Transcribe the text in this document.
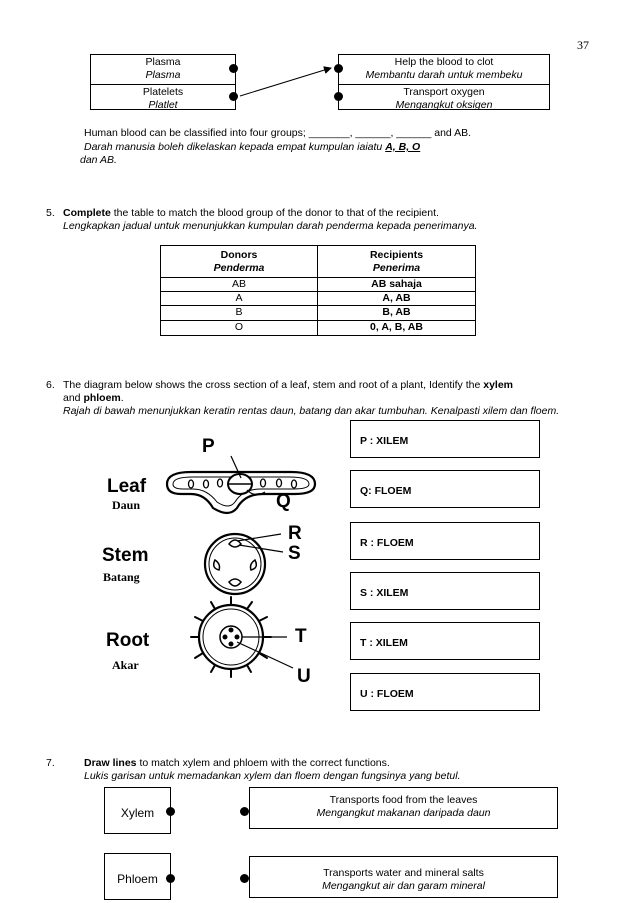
37
Plasma
Plasma
Platelets
Platlet
Help the blood to clot
Membantu darah untuk membeku
Transport oxygen
Mengangkut oksigen
Human blood can be classified into four groups; _______, ______, ______ and AB.
Darah manusia boleh dikelaskan kepada empat kumpulan iaiatu A, B, O
dan AB.
5. Complete the table to match the blood group of the donor to that of the recipient.
Lengkapkan jadual untuk menunjukkan kumpulan darah penderma kepada penerimanya.
Donors
Penderma
Recipients
Penerima
AB	AB sahaja
A	A, AB
B	B, AB
O	0, A, B, AB
6. The diagram below shows the cross section of a leaf, stem and root of a plant, Identify the xylem
and phloem.
Rajah di bawah menunjukkan keratin rentas daun, batang dan akar tumbuhan. Kenalpasti xilem dan floem.
P
Q
R
S
T
U
Leaf
Daun
Stem
Batang
Root
Akar
P : XILEM
Q: FLOEM
R : FLOEM
S : XILEM
T : XILEM
U : FLOEM
7.	Draw lines to match xylem and phloem with the correct functions.
Lukis garisan untuk memadankan xylem dan floem dengan fungsinya yang betul.
Xylem
Phloem
Transports food from the leaves
Mengangkut makanan daripada daun
Transports water and mineral salts
Mengangkut air dan garam mineral
